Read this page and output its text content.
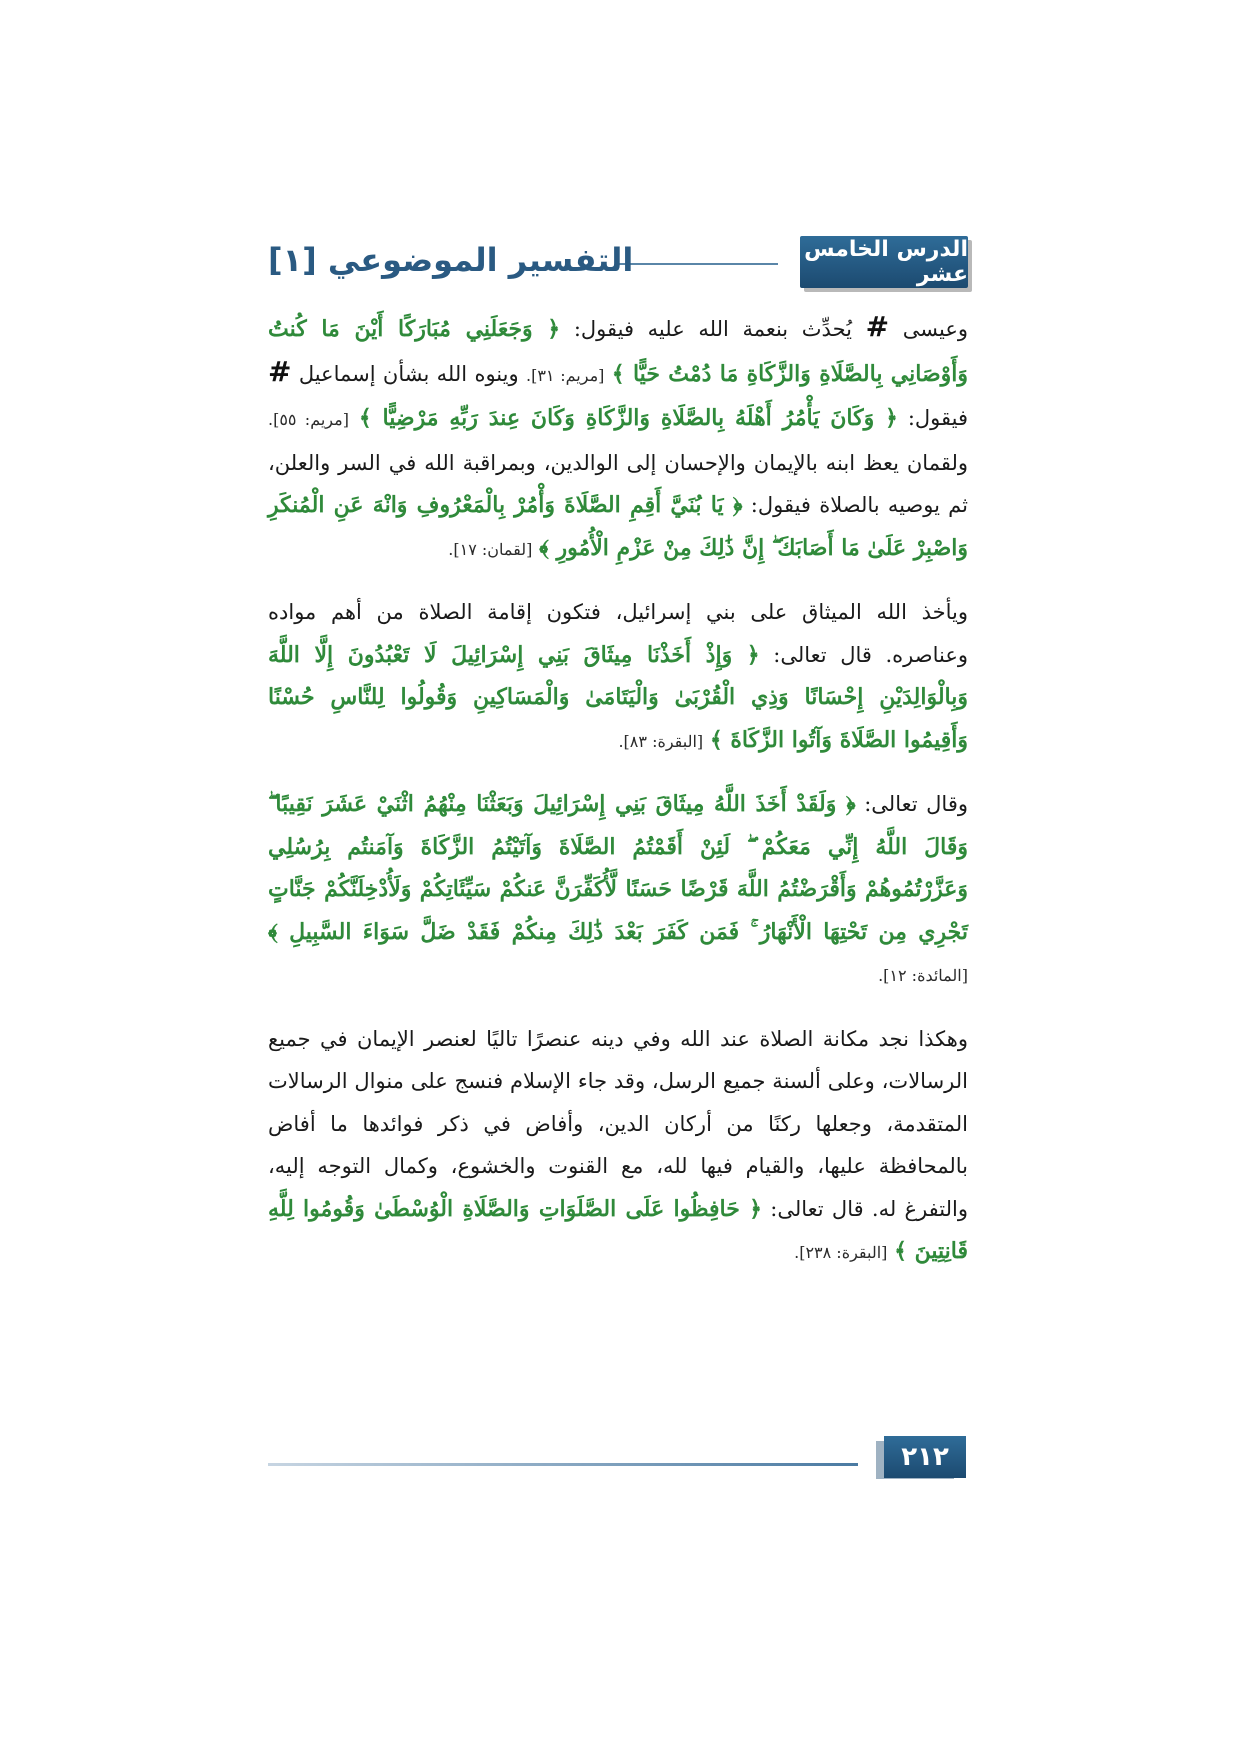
الدرس الخامس عشر
التفسير الموضوعي [١]

وعيسى # يُحدِّث بنعمة الله عليه فيقول: ﴿ وَجَعَلَنِي مُبَارَكًا أَيْنَ مَا كُنتُ وَأَوْصَانِي بِالصَّلَاةِ وَالزَّكَاةِ مَا دُمْتُ حَيًّا ﴾ [مريم: ٣١]. وينوه الله بشأن إسماعيل # فيقول: ﴿ وَكَانَ يَأْمُرُ أَهْلَهُ بِالصَّلَاةِ وَالزَّكَاةِ وَكَانَ عِندَ رَبِّهِ مَرْضِيًّا ﴾ [مريم: ٥٥]. ولقمان يعظ ابنه بالإيمان والإحسان إلى الوالدين، وبمراقبة الله في السر والعلن، ثم يوصيه بالصلاة فيقول: ﴿ يَا بُنَيَّ أَقِمِ الصَّلَاةَ وَأْمُرْ بِالْمَعْرُوفِ وَانْهَ عَنِ الْمُنكَرِ وَاصْبِرْ عَلَىٰ مَا أَصَابَكَ ۖ إِنَّ ذَٰلِكَ مِنْ عَزْمِ الْأُمُورِ ﴾ [لقمان: ١٧].

ويأخذ الله الميثاق على بني إسرائيل، فتكون إقامة الصلاة من أهم مواده وعناصره. قال تعالى: ﴿ وَإِذْ أَخَذْنَا مِيثَاقَ بَنِي إِسْرَائِيلَ لَا تَعْبُدُونَ إِلَّا اللَّهَ وَبِالْوَالِدَيْنِ إِحْسَانًا وَذِي الْقُرْبَىٰ وَالْيَتَامَىٰ وَالْمَسَاكِينِ وَقُولُوا لِلنَّاسِ حُسْنًا وَأَقِيمُوا الصَّلَاةَ وَآتُوا الزَّكَاةَ ﴾ [البقرة: ٨٣].

وقال تعالى: ﴿ وَلَقَدْ أَخَذَ اللَّهُ مِيثَاقَ بَنِي إِسْرَائِيلَ وَبَعَثْنَا مِنْهُمُ اثْنَيْ عَشَرَ نَقِيبًا ۖ وَقَالَ اللَّهُ إِنِّي مَعَكُمْ ۖ لَئِنْ أَقَمْتُمُ الصَّلَاةَ وَآتَيْتُمُ الزَّكَاةَ وَآمَنتُم بِرُسُلِي وَعَزَّرْتُمُوهُمْ وَأَقْرَضْتُمُ اللَّهَ قَرْضًا حَسَنًا لَّأُكَفِّرَنَّ عَنكُمْ سَيِّئَاتِكُمْ وَلَأُدْخِلَنَّكُمْ جَنَّاتٍ تَجْرِي مِن تَحْتِهَا الْأَنْهَارُ ۚ فَمَن كَفَرَ بَعْدَ ذَٰلِكَ مِنكُمْ فَقَدْ ضَلَّ سَوَاءَ السَّبِيلِ ﴾ [المائدة: ١٢].

وهكذا نجد مكانة الصلاة عند الله وفي دينه عنصرًا تاليًا لعنصر الإيمان في جميع الرسالات، وعلى ألسنة جميع الرسل، وقد جاء الإسلام فنسج على منوال الرسالات المتقدمة، وجعلها ركنًا من أركان الدين، وأفاض في ذكر فوائدها ما أفاض بالمحافظة عليها، والقيام فيها لله، مع القنوت والخشوع، وكمال التوجه إليه، والتفرغ له. قال تعالى: ﴿ حَافِظُوا عَلَى الصَّلَوَاتِ وَالصَّلَاةِ الْوُسْطَىٰ وَقُومُوا لِلَّهِ قَانِتِينَ ﴾ [البقرة: ٢٣٨].

٢١٢
